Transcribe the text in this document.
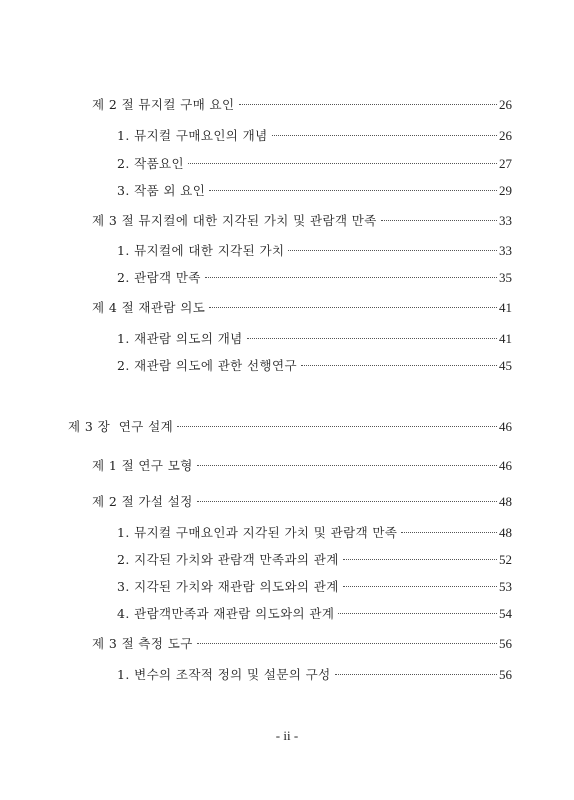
제 2 절 뮤지컬 구매 요인	26
1. 뮤지컬 구매요인의 개념	26
2. 작품요인	27
3. 작품 외 요인	29
제 3 절 뮤지컬에 대한 지각된 가치 및 관람객 만족	33
1. 뮤지컬에 대한 지각된 가치	33
2. 관람객 만족	35
제 4 절 재관람 의도	41
1. 재관람 의도의 개념	41
2. 재관람 의도에 관한 선행연구	45
제 3 장  연구 설계	46
제 1 절 연구 모형	46
제 2 절 가설 설정	48
1. 뮤지컬 구매요인과 지각된 가치 및 관람객 만족	48
2. 지각된 가치와 관람객 만족과의 관계	52
3. 지각된 가치와 재관람 의도와의 관계	53
4. 관람객만족과 재관람 의도와의 관계	54
제 3 절 측정 도구	56
1. 변수의 조작적 정의 및 설문의 구성	56
- ii -
